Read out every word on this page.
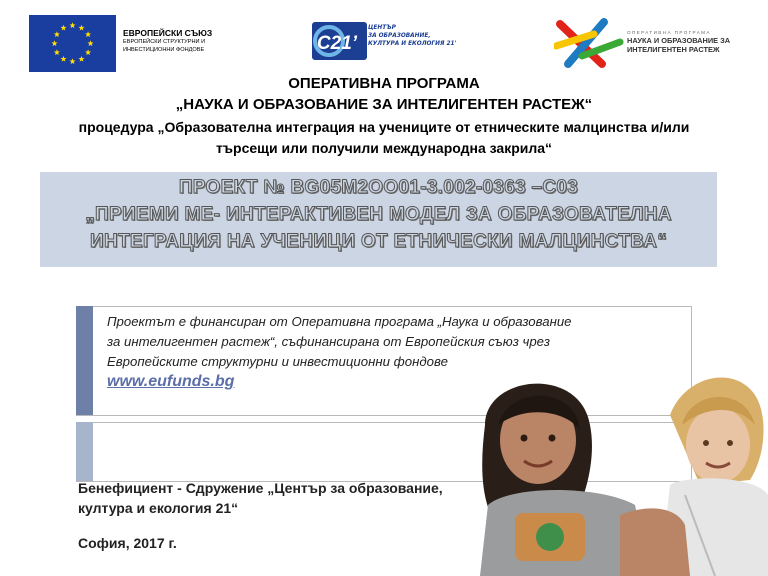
ЕВРОПЕЙСКИ СЪЮЗ
ЕВРОПЕЙСКИ СТРУКТУРНИ И
ИНВЕСТИЦИОННИ ФОНДОВЕ	C21’
ЦЕНТЪР
ЗА ОБРАЗОВАНИЕ,
КУЛТУРА И ЕКОЛОГИЯ 21'
ОПЕРАТИВНА ПРОГРАМА
НАУКА И ОБРАЗОВАНИЕ ЗА
ИНТЕЛИГЕНТЕН РАСТЕЖ
ОПЕРАТИВНА ПРОГРАМА
„НАУКА И ОБРАЗОВАНИЕ ЗА ИНТЕЛИГЕНТЕН РАСТЕЖ“
процедура „Образователна интеграция на учениците от етническите малцинства и/или
търсещи или получили международна закрила“
ПРОЕКТ № BG05M2OO01-3.002-0363 –С03
„ПРИЕМИ МЕ- ИНТЕРАКТИВЕН МОДЕЛ ЗА ОБРАЗОВАТЕЛНА
ИНТЕГРАЦИЯ НА УЧЕНИЦИ ОТ ЕТНИЧЕСКИ МАЛЦИНСТВА“
Проектът е финансиран от Оперативна програма „Наука и образование
за интелигентен растеж“, съфинансирана от Европейския съюз чрез
Европейските структурни и инвестиционни фондове
www.eufunds.bg
Бенефициент - Сдружение „Център за образование,
култура и екология 21“
София, 2017 г.
